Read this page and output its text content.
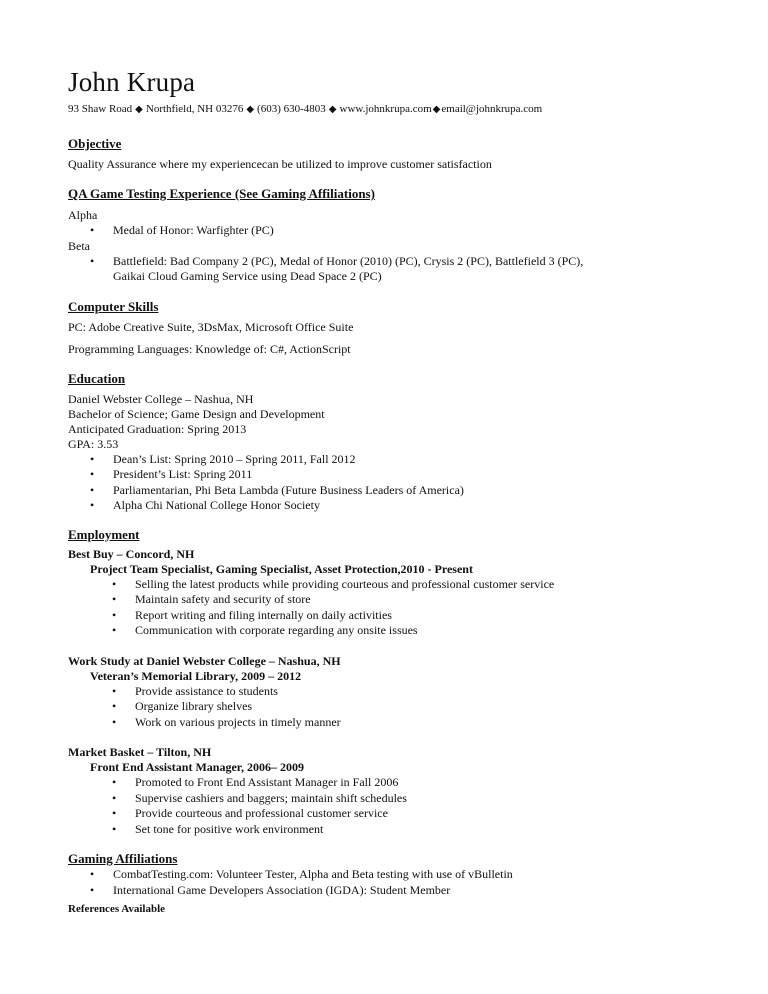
John Krupa

93 Shaw Road ◆ Northfield, NH 03276 ◆ (603) 630-4803 ◆ www.johnkrupa.com◆email@johnkrupa.com

Objective

Quality Assurance where my experiencecan be utilized to improve customer satisfaction

QA Game Testing Experience (See Gaming Affiliations)

Alpha

• Medal of Honor: Warfighter (PC)

Beta

• Battlefield: Bad Company 2 (PC), Medal of Honor (2010) (PC), Crysis 2 (PC), Battlefield 3 (PC),
Gaikai Cloud Gaming Service using Dead Space 2 (PC)

Computer Skills

PC: Adobe Creative Suite, 3DsMax, Microsoft Office Suite

Programming Languages: Knowledge of: C#, ActionScript

Education

Daniel Webster College – Nashua, NH

Bachelor of Science; Game Design and Development

Anticipated Graduation: Spring 2013

GPA: 3.53

• Dean’s List: Spring 2010 – Spring 2011, Fall 2012
• President’s List: Spring 2011
• Parliamentarian, Phi Beta Lambda (Future Business Leaders of America)
• Alpha Chi National College Honor Society

Employment

Best Buy – Concord, NH

Project Team Specialist, Gaming Specialist, Asset Protection,2010 - Present

• Selling the latest products while providing courteous and professional customer service
• Maintain safety and security of store
• Report writing and filing internally on daily activities
• Communication with corporate regarding any onsite issues

Work Study at Daniel Webster College – Nashua, NH

Veteran’s Memorial Library, 2009 – 2012

• Provide assistance to students
• Organize library shelves
• Work on various projects in timely manner

Market Basket – Tilton, NH

Front End Assistant Manager, 2006– 2009

• Promoted to Front End Assistant Manager in Fall 2006
• Supervise cashiers and baggers; maintain shift schedules
• Provide courteous and professional customer service
• Set tone for positive work environment

Gaming Affiliations

• CombatTesting.com: Volunteer Tester, Alpha and Beta testing with use of vBulletin
• International Game Developers Association (IGDA): Student Member

References Available
